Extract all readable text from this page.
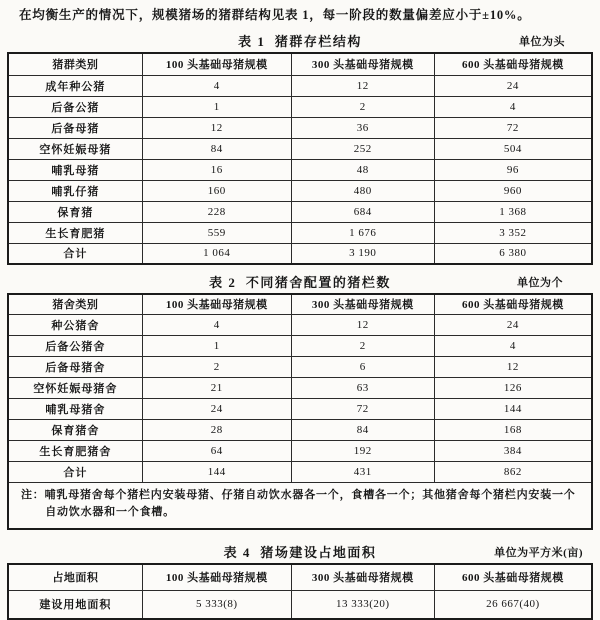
在均衡生产的情况下，规模猪场的猪群结构见表 1，每一阶段的数量偏差应小于±10%。

表 1  猪群存栏结构	单位为头
猪群类别	100 头基础母猪规模	300 头基础母猪规模	600 头基础母猪规模
成年种公猪	4	12	24
后备公猪	1	2	4
后备母猪	12	36	72
空怀妊娠母猪	84	252	504
哺乳母猪	16	48	96
哺乳仔猪	160	480	960
保育猪	228	684	1 368
生长育肥猪	559	1 676	3 352
合计	1 064	3 190	6 380
表 2  不同猪舍配置的猪栏数	单位为个
猪舍类别	100 头基础母猪规模	300 头基础母猪规模	600 头基础母猪规模
种公猪舍	4	12	24
后备公猪舍	1	2	4
后备母猪舍	2	6	12
空怀妊娠母猪舍	21	63	126
哺乳母猪舍	24	72	144
保育猪舍	28	84	168
生长育肥猪舍	64	192	384
合计	144	431	862

注：哺乳母猪舍每个猪栏内安装母猪、仔猪自动饮水器各一个，食槽各一个；其他猪舍每个猪栏内安装一个自动饮水器和一个食槽。			
表 4  猪场建设占地面积	单位为平方米(亩)
占地面积	100 头基础母猪规模	300 头基础母猪规模	600 头基础母猪规模
建设用地面积	5 333(8)	13 333(20)	26 667(40)
